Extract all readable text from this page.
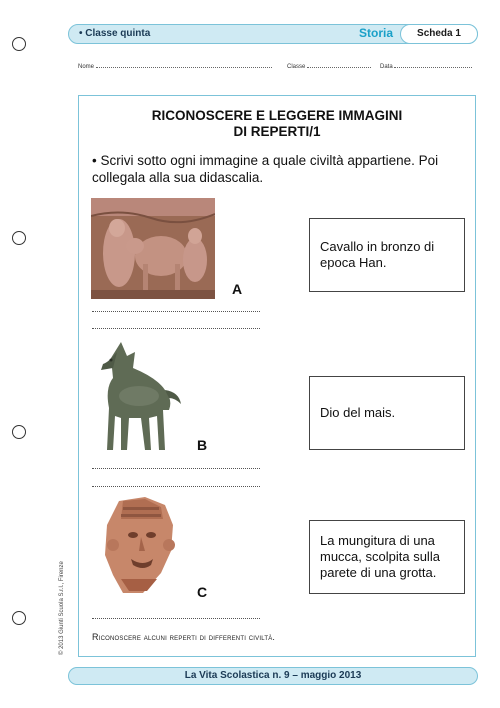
• Classe quinta	Storia	Scheda 1
Nome	Classe	Data
RICONOSCERE E LEGGERE IMMAGINI
DI REPERTI/1
• Scrivi sotto ogni immagine a quale civiltà appartiene. Poi collegala alla sua didascalia.
A
B
C
Cavallo in bronzo di epoca Han.
Dio del mais.
La mungitura di una mucca, scolpita sulla parete di una grotta.
Riconoscere alcuni reperti di differenti civiltà.
La Vita Scolastica n. 9 – maggio 2013
© 2013 Giunti Scuola S.r.l., Firenze
